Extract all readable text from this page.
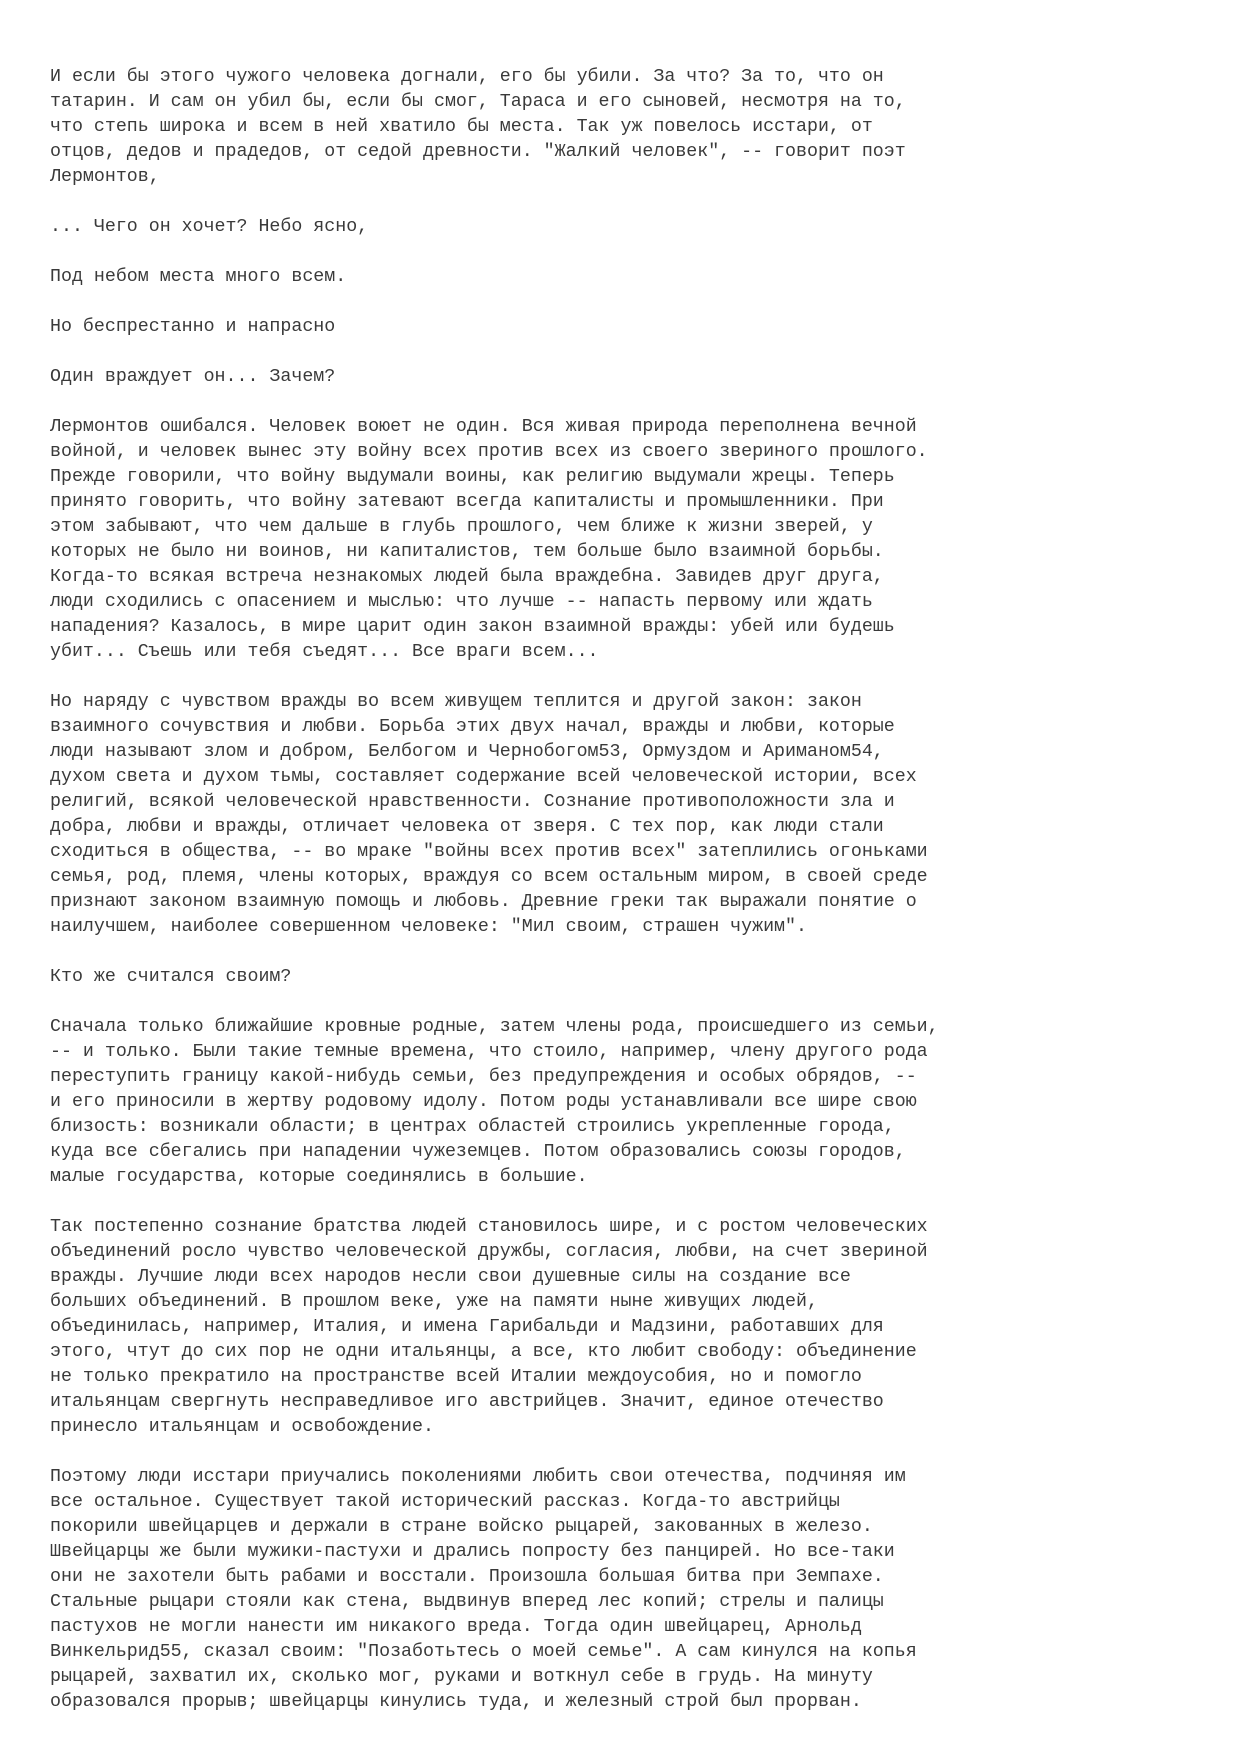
И если бы этого чужого человека догнали, его бы убили. За что? За то, что он
татарин. И сам он убил бы, если бы смог, Тараса и его сыновей, несмотря на то,
что степь широка и всем в ней хватило бы места. Так уж повелось исстари, от
отцов, дедов и прадедов, от седой древности. "Жалкий человек", -- говорит поэт
Лермонтов,

... Чего он хочет? Небо ясно,

Под небом места много всем.

Но беспрестанно и напрасно

Один враждует он... Зачем?

Лермонтов ошибался. Человек воюет не один. Вся живая природа переполнена вечной
войной, и человек вынес эту войну всех против всех из своего звериного прошлого.
Прежде говорили, что войну выдумали воины, как религию выдумали жрецы. Теперь
принято говорить, что войну затевают всегда капиталисты и промышленники. При
этом забывают, что чем дальше в глубь прошлого, чем ближе к жизни зверей, у
которых не было ни воинов, ни капиталистов, тем больше было взаимной борьбы.
Когда-то всякая встреча незнакомых людей была враждебна. Завидев друг друга,
люди сходились с опасением и мыслью: что лучше -- напасть первому или ждать
нападения? Казалось, в мире царит один закон взаимной вражды: убей или будешь
убит... Съешь или тебя съедят... Все враги всем...

Но наряду с чувством вражды во всем живущем теплится и другой закон: закон
взаимного сочувствия и любви. Борьба этих двух начал, вражды и любви, которые
люди называют злом и добром, Белбогом и Чернобогом53, Ормуздом и Ариманом54,
духом света и духом тьмы, составляет содержание всей человеческой истории, всех
религий, всякой человеческой нравственности. Сознание противоположности зла и
добра, любви и вражды, отличает человека от зверя. С тех пор, как люди стали
сходиться в общества, -- во мраке "войны всех против всех" затеплились огоньками
семья, род, племя, члены которых, враждуя со всем остальным миром, в своей среде
признают законом взаимную помощь и любовь. Древние греки так выражали понятие о
наилучшем, наиболее совершенном человеке: "Мил своим, страшен чужим".

Кто же считался своим?

Сначала только ближайшие кровные родные, затем члены рода, происшедшего из семьи,
-- и только. Были такие темные времена, что стоило, например, члену другого рода
переступить границу какой-нибудь семьи, без предупреждения и особых обрядов, --
и его приносили в жертву родовому идолу. Потом роды устанавливали все шире свою
близость: возникали области; в центрах областей строились укрепленные города,
куда все сбегались при нападении чужеземцев. Потом образовались союзы городов,
малые государства, которые соединялись в большие.

Так постепенно сознание братства людей становилось шире, и с ростом человеческих
объединений росло чувство человеческой дружбы, согласия, любви, на счет звериной
вражды. Лучшие люди всех народов несли свои душевные силы на создание все
больших объединений. В прошлом веке, уже на памяти ныне живущих людей,
объединилась, например, Италия, и имена Гарибальди и Мадзини, работавших для
этого, чтут до сих пор не одни итальянцы, а все, кто любит свободу: объединение
не только прекратило на пространстве всей Италии междоусобия, но и помогло
итальянцам свергнуть несправедливое иго австрийцев. Значит, единое отечество
принесло итальянцам и освобождение.

Поэтому люди исстари приучались поколениями любить свои отечества, подчиняя им
все остальное. Существует такой исторический рассказ. Когда-то австрийцы
покорили швейцарцев и держали в стране войско рыцарей, закованных в железо.
Швейцарцы же были мужики-пастухи и дрались попросту без панцирей. Но все-таки
они не захотели быть рабами и восстали. Произошла большая битва при Земпахе.
Стальные рыцари стояли как стена, выдвинув вперед лес копий; стрелы и палицы
пастухов не могли нанести им никакого вреда. Тогда один швейцарец, Арнольд
Винкельрид55, сказал своим: "Позаботьтесь о моей семье". А сам кинулся на копья
рыцарей, захватил их, сколько мог, руками и воткнул себе в грудь. На минуту
образовался прорыв; швейцарцы кинулись туда, и железный строй был прорван.
